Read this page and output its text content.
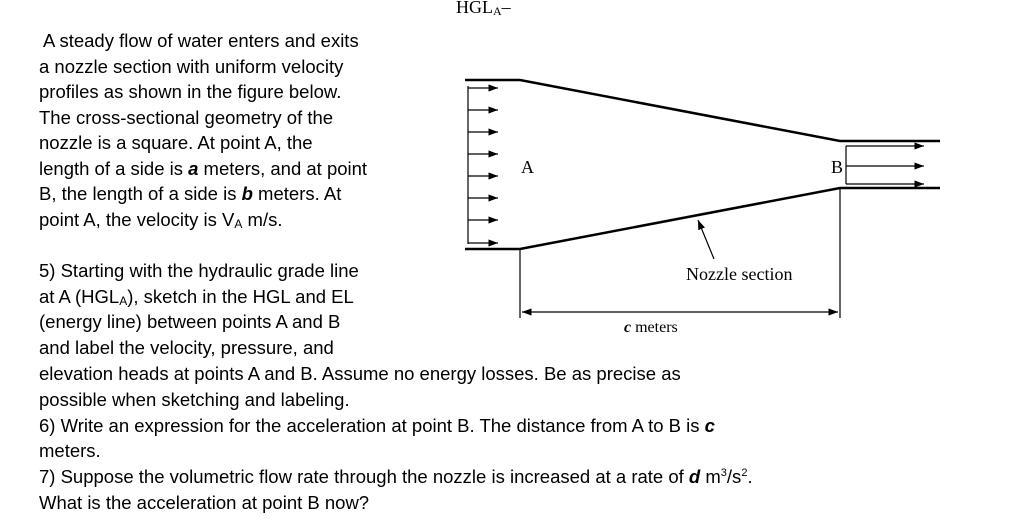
$HGL_A-$
A	B
Nozzle section
c meters
A steady flow of water enters and exits
a nozzle section with uniform velocity
profiles as shown in the figure below.
The cross-sectional geometry of the
nozzle is a square. At point A, the
length of a side is a meters, and at point
B, the length of a side is b meters. At
point A, the velocity is $V_A$ m/s.
5) Starting with the hydraulic grade line
at A $(HGL_A)$, sketch in the HGL and EL
(energy line) between points A and B
and label the velocity, pressure, and
elevation heads at points A and B. Assume no energy losses. Be as precise as
possible when sketching and labeling.
6) Write an expression for the acceleration at point B. The distance from A to B is c
meters.
7) Suppose the volumetric flow rate through the nozzle is increased at a rate of d $m^3/s^2$.
What is the acceleration at point B now?
